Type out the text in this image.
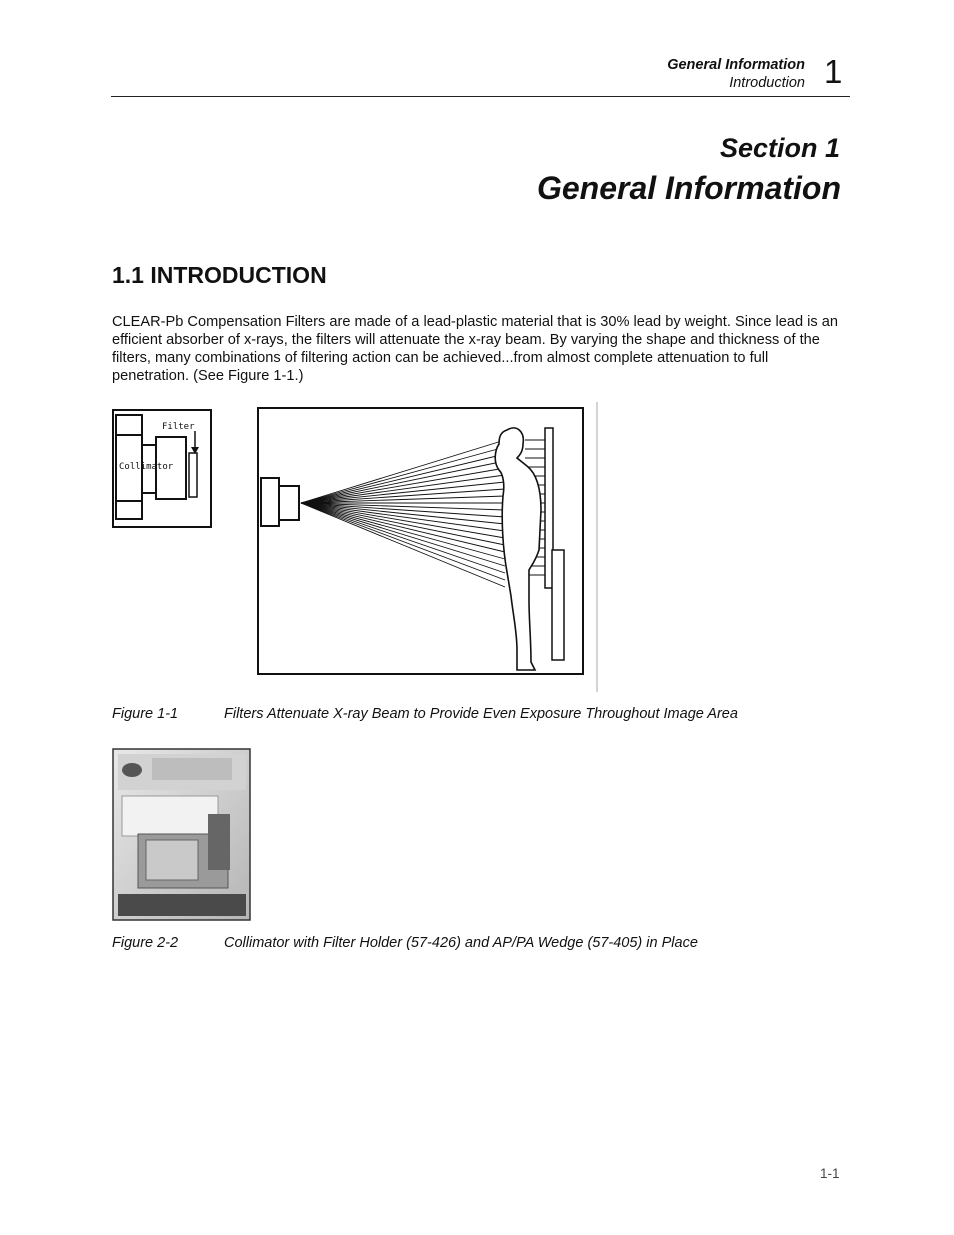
General Information
Introduction 1
Section 1
General Information
1.1 INTRODUCTION
CLEAR-Pb Compensation Filters are made of a lead-plastic material that is 30% lead by weight. Since lead is an efficient absorber of x-rays, the filters will attenuate the x-ray beam. By varying the shape and thickness of the filters, many combinations of filtering action can be achieved...from almost complete attenuation to full penetration. (See Figure 1-1.)
Filter
Collimator
Figure 1-1	Filters Attenuate X-ray Beam to Provide Even Exposure Throughout Image Area
Figure 2-2	Collimator with Filter Holder (57-426) and AP/PA Wedge (57-405) in Place
1-1
